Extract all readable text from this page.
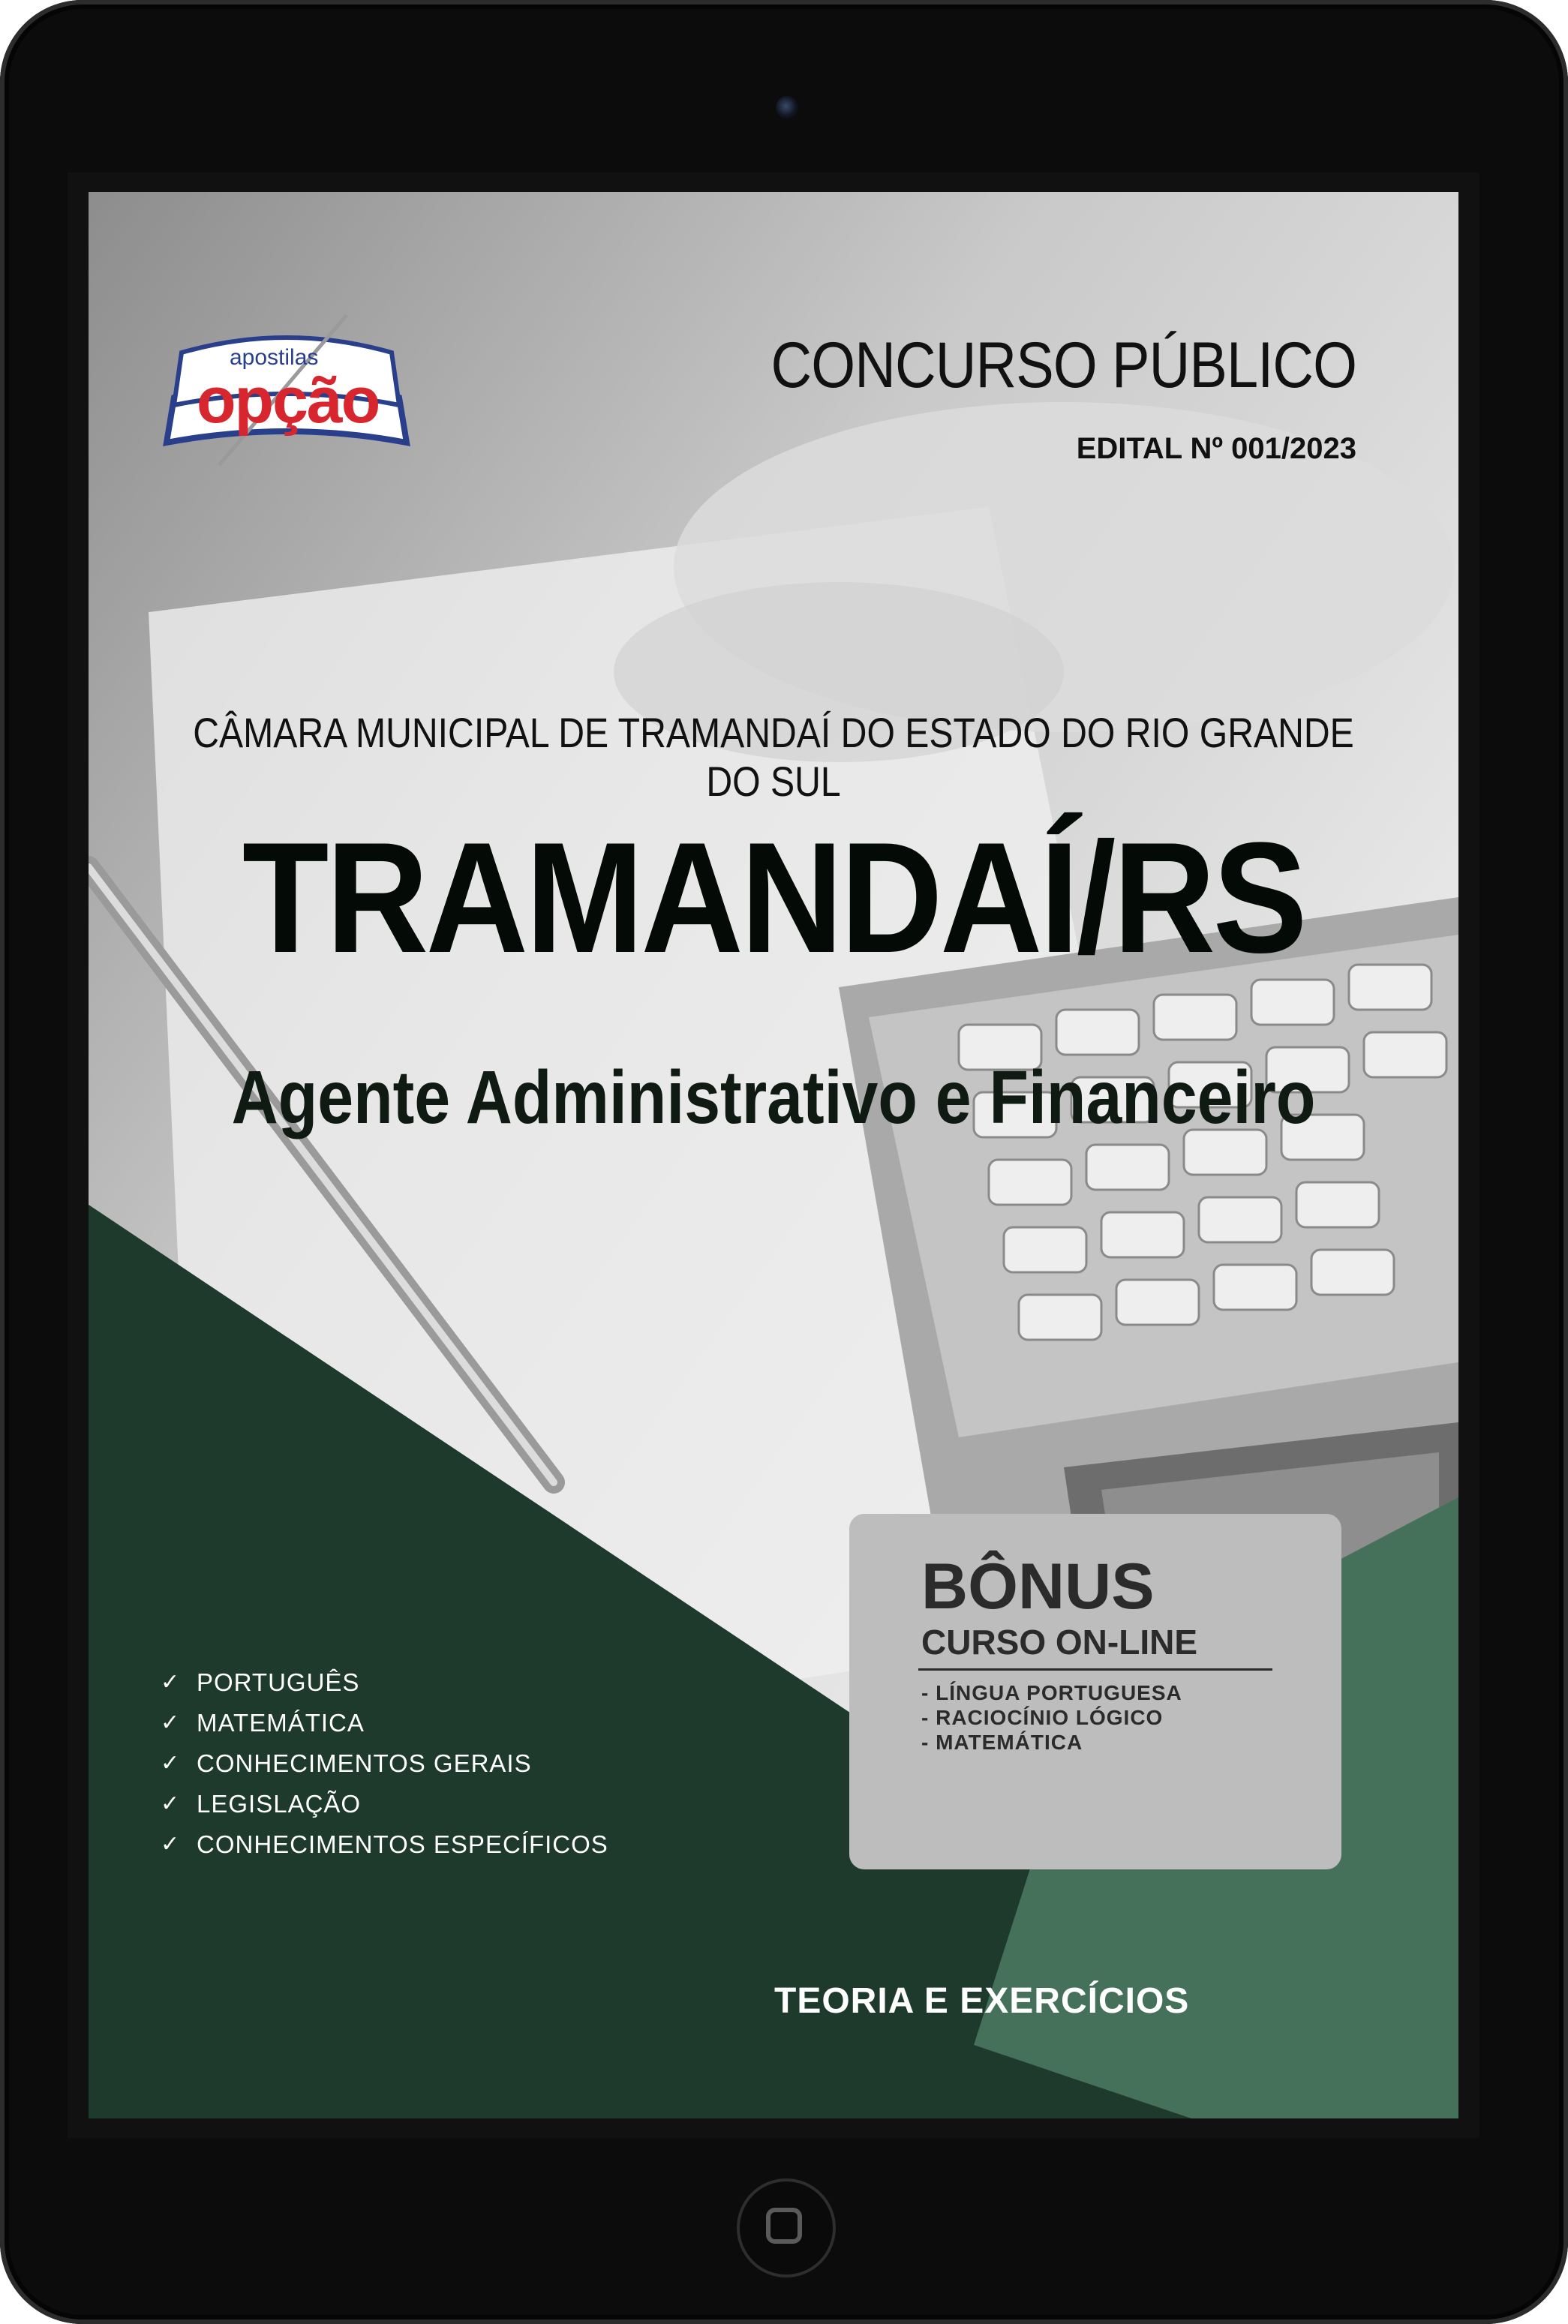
apostilas
opção	CONCURSO PÚBLICO
EDITAL Nº 001/2023
CÂMARA MUNICIPAL DE TRAMANDAÍ DO ESTADO DO RIO GRANDE DO SUL
TRAMANDAÍ/RS
Agente Administrativo e Financeiro
✓ PORTUGUÊS
✓ MATEMÁTICA
✓ CONHECIMENTOS GERAIS
✓ LEGISLAÇÃO
✓ CONHECIMENTOS ESPECÍFICOS
BÔNUS
CURSO ON-LINE
- LÍNGUA PORTUGUESA
- RACIOCÍNIO LÓGICO
- MATEMÁTICA
TEORIA E EXERCÍCIOS
